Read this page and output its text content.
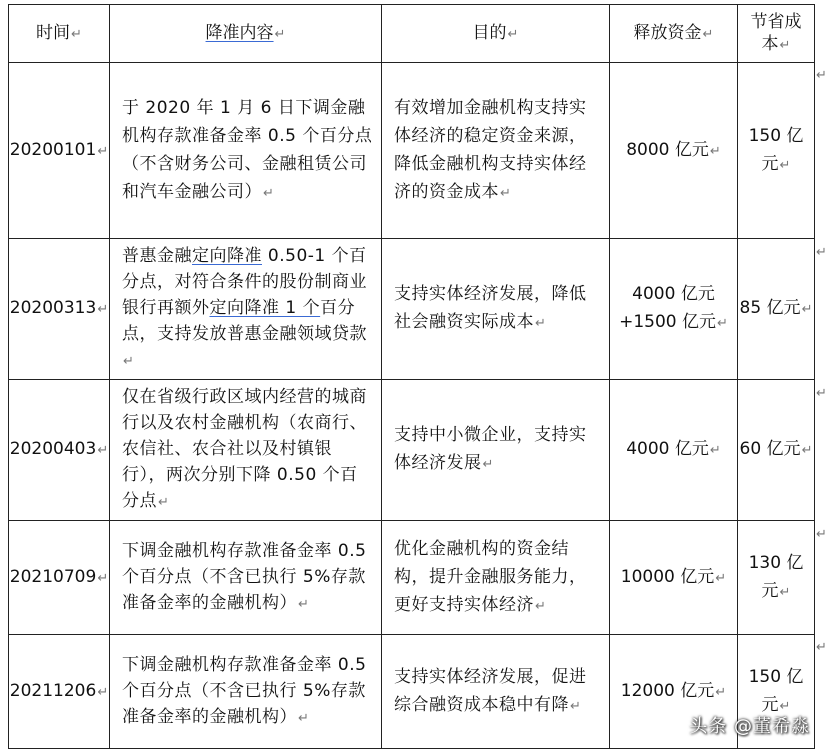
时间↵	降准内容↵	目的↵	释放资金↵	节省成
本↵
20200101↵	于 2020 年 1 月 6 日下调金融机构存款准备金率 0.5 个百分点（不含财务公司、金融租赁公司和汽车金融公司）↵	有效增加金融机构支持实体经济的稳定资金来源，降低金融机构支持实体经济的资金成本↵	8000 亿元↵	150 亿
元↵
20200313↵	普惠金融定向降准 0.50-1 个百分点，对符合条件的股份制商业银行再额外定向降准 1 个百分点，支持发放普惠金融领域贷款↵	支持实体经济发展，降低社会融资实际成本↵	4000 亿元
+1500 亿元↵	85 亿元↵
20200403↵	仅在省级行政区域内经营的城商行以及农村金融机构（农商行、农信社、农合社以及村镇银行），两次分别下降 0.50 个百分点↵	支持中小微企业，支持实体经济发展↵	4000 亿元↵	60 亿元↵
20210709↵	下调金融机构存款准备金率 0.5 个百分点（不含已执行 5%存款准备金率的金融机构）↵	优化金融机构的资金结构，提升金融服务能力，更好支持实体经济↵	10000 亿元↵	130 亿
元↵
20211206↵	下调金融机构存款准备金率 0.5 个百分点（不含已执行 5%存款准备金率的金融机构）↵	支持实体经济发展，促进综合融资成本稳中有降↵	12000 亿元↵	150 亿
元↵
↵
↵
↵
↵
↵
头条 @董希淼
